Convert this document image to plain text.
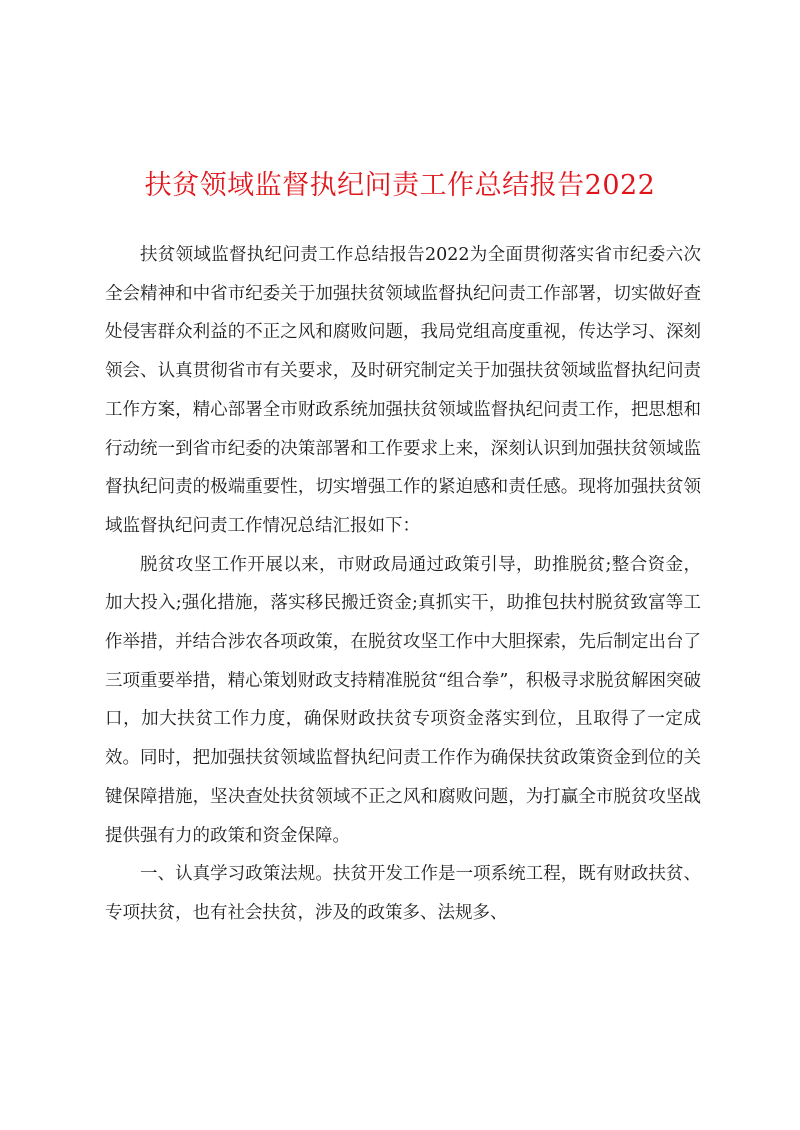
扶贫领域监督执纪问责工作总结报告2022

扶贫领域监督执纪问责工作总结报告2022为全面贯彻落实省市纪委六次全会精神和中省市纪委关于加强扶贫领域监督执纪问责工作部署，切实做好查处侵害群众利益的不正之风和腐败问题，我局党组高度重视，传达学习、深刻领会、认真贯彻省市有关要求，及时研究制定关于加强扶贫领域监督执纪问责工作方案，精心部署全市财政系统加强扶贫领域监督执纪问责工作，把思想和行动统一到省市纪委的决策部署和工作要求上来，深刻认识到加强扶贫领域监督执纪问责的极端重要性，切实增强工作的紧迫感和责任感。现将加强扶贫领域监督执纪问责工作情况总结汇报如下：

脱贫攻坚工作开展以来，市财政局通过政策引导，助推脱贫;整合资金，加大投入;强化措施，落实移民搬迁资金;真抓实干，助推包扶村脱贫致富等工作举措，并结合涉农各项政策，在脱贫攻坚工作中大胆探索，先后制定出台了三项重要举措，精心策划财政支持精准脱贫“组合拳”，积极寻求脱贫解困突破口，加大扶贫工作力度，确保财政扶贫专项资金落实到位，且取得了一定成效。同时，把加强扶贫领域监督执纪问责工作作为确保扶贫政策资金到位的关键保障措施，坚决查处扶贫领域不正之风和腐败问题，为打赢全市脱贫攻坚战提供强有力的政策和资金保障。

一、认真学习政策法规。扶贫开发工作是一项系统工程，既有财政扶贫、专项扶贫，也有社会扶贫，涉及的政策多、法规多、
